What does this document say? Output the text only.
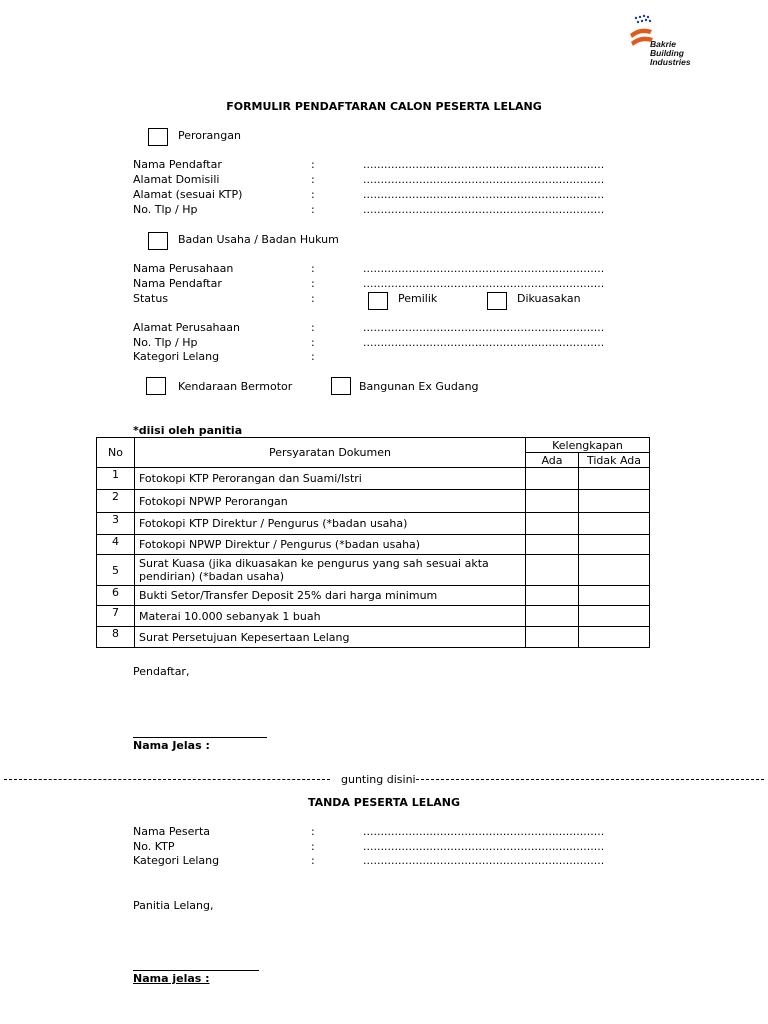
Bakrie
Building
Industries
FORMULIR PENDAFTARAN CALON PESERTA LELANG
Perorangan
Nama Pendaftar	:	.....................................................................
Alamat Domisili	:	.....................................................................
Alamat (sesuai KTP)	:	.....................................................................
No. Tlp / Hp	:	.....................................................................
Badan Usaha / Badan Hukum
Nama Perusahaan	:	.....................................................................
Nama Pendaftar	:	.....................................................................
Status	:	Pemilik	Dikuasakan
Alamat Perusahaan	:	.....................................................................
No. Tlp / Hp	:	.....................................................................
Kategori Lelang	:
Kendaraan Bermotor	Bangunan Ex Gudang
*diisi oleh panitia
No	Persyaratan Dokumen	Kelengkapan	
		Ada	Tidak Ada
1	Fotokopi KTP Perorangan dan Suami/Istri		
2	Fotokopi NPWP Perorangan		
3	Fotokopi KTP Direktur / Pengurus (*badan usaha)		
4	Fotokopi NPWP Direktur / Pengurus (*badan usaha)		
5	Surat Kuasa (jika dikuasakan ke pengurus yang sah sesuai akta pendirian) (*badan usaha)		
6	Bukti Setor/Transfer Deposit 25% dari harga minimum		
7	Materai 10.000 sebanyak 1 buah		
8	Surat Persetujuan Kepesertaan Lelang		
Pendaftar,
Nama Jelas :
gunting disini
TANDA PESERTA LELANG
Nama Peserta	:	.....................................................................
No. KTP	:	.....................................................................
Kategori Lelang	:	.....................................................................
Panitia Lelang,
Nama jelas :
